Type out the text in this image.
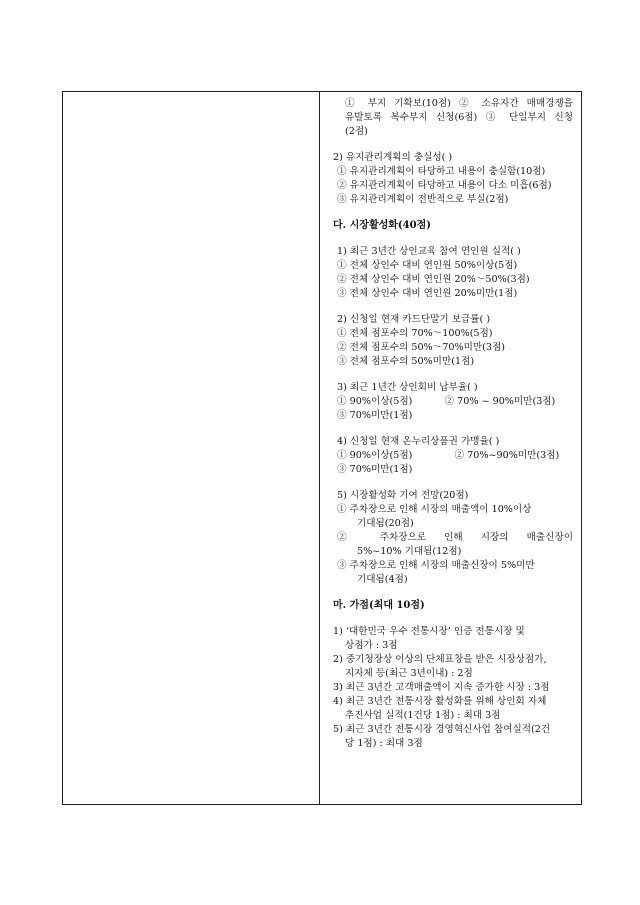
① 부지 기확보(10점) ② 소유자간 매매경쟁을
유발토록 복수부지 신청(6점) ③ 단일부지 신청
(2점)
2) 유지관리계획의 충실성( )
① 유지관리계획이 타당하고 내용이 충실함(10점)
② 유지관리계획이 타당하고 내용이 다소 미흡(6점)
③ 유지관리계획이 전반적으로 부실(2점)
다. 시장활성화(40점)
1) 최근 3년간 상인교육 참여 연인원 실적( )
① 전체 상인수 대비 연인원 50%이상(5점)
② 전체 상인수 대비 연인원 20%～50%(3점)
③ 전체 상인수 대비 연인원 20%미만(1점)
2) 신청일 현재 카드단말기 보급률( )
① 전체 점포수의 70%～100%(5점)
② 전체 점포수의 50%～70%미만(3점)
③ 전체 점포수의 50%미만(1점)
3) 최근 1년간 상인회비 납부율( )
① 90%이상(5점)	② 70% ~ 90%미만(3점)
③ 70%미만(1점)
4) 신청일 현재 온누리상품권 가맹율( )
① 90%이상(5점)	② 70%~90%미만(3점)
③ 70%미만(1점)
5) 시장활성화 기여 전망(20점)
① 주차장으로 인해 시장의 매출액이 10%이상
기대됨(20점)
② 주차장으로 인해 시장의 매출신장이
5%~10% 기대됨(12점)
③ 주차장으로 인해 시장의 매출신장이 5%미만
기대됨(4점)
마. 가점(최대 10점)
1) ‘대한민국 우수 전통시장’ 인증 전통시장 및
상점가 : 3점
2) 중기청장상 이상의 단체표창을 받은 시장상점가,
지자체 등(최근 3년이내) : 2점
3) 최근 3년간 고객매출액이 지속 증가한 시장 : 3점
4) 최근 3년간 전통시장 활성화를 위해 상인회 자체
추진사업 실적(1건당 1점) : 최대 3점
5) 최근 3년간 전통시장 경영혁신사업 참여실적(2건
당 1점) : 최대 3점
